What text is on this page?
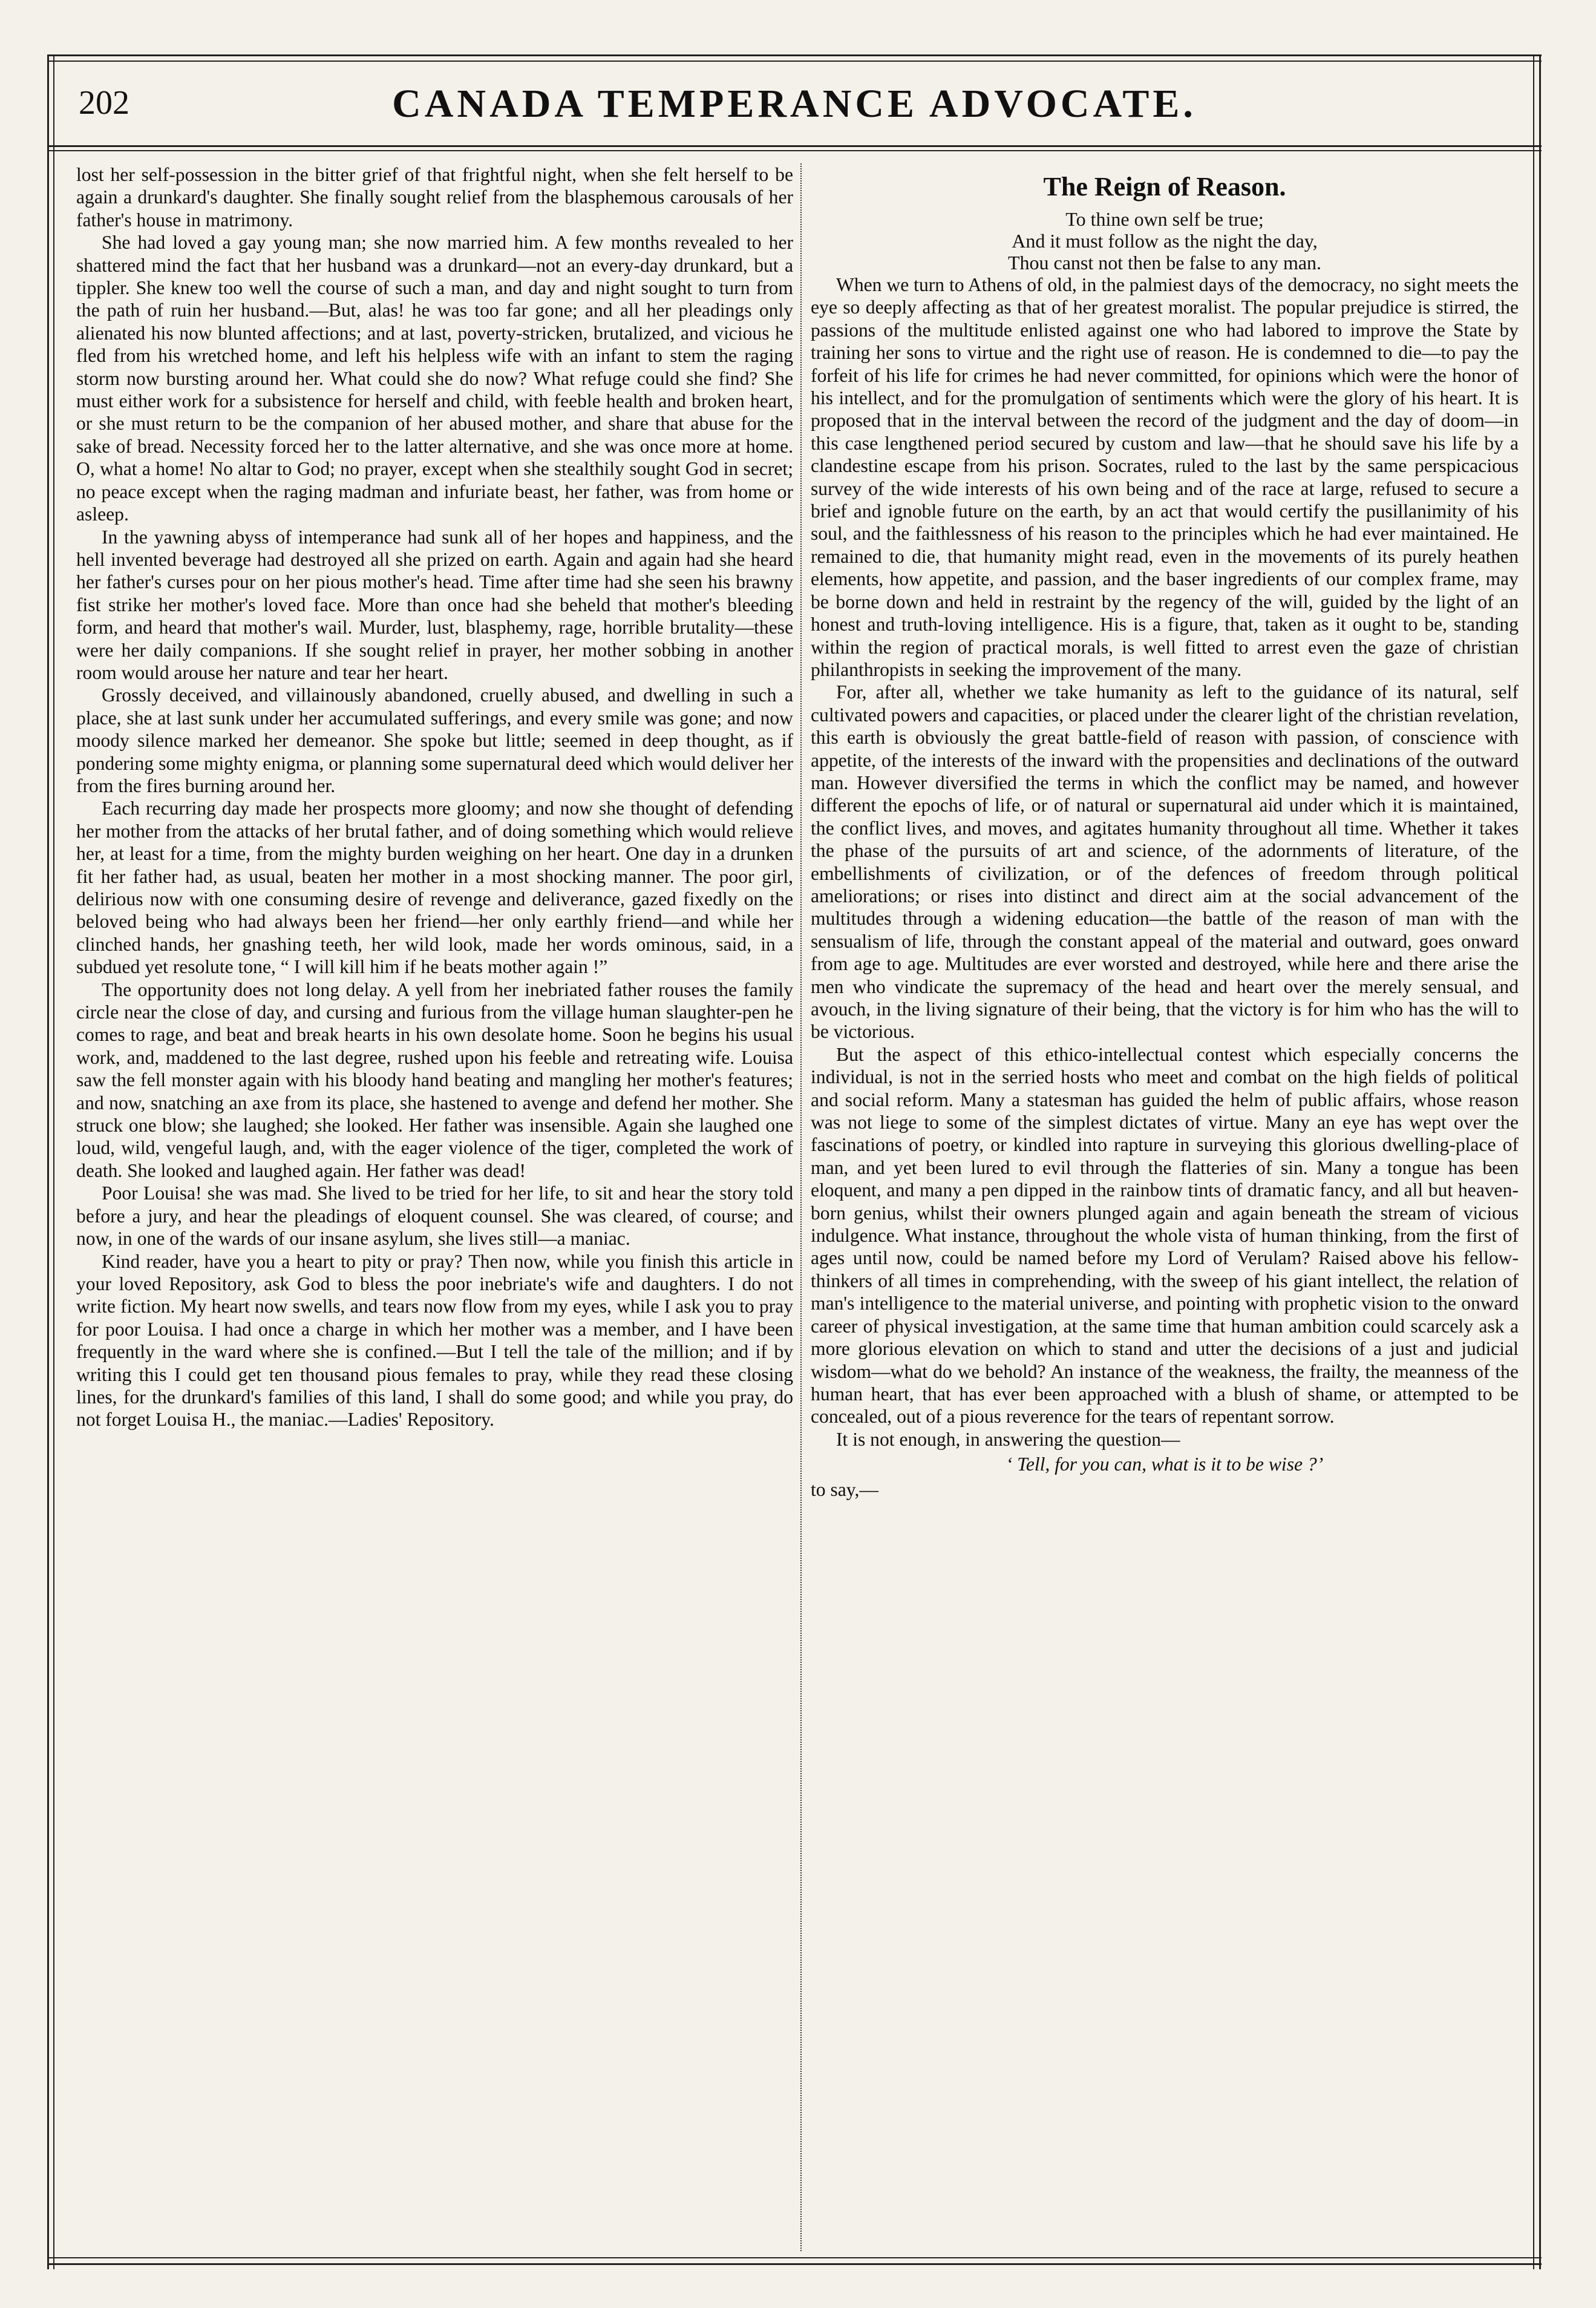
202	CANADA TEMPERANCE ADVOCATE.

lost her self-possession in the bitter grief of that frightful night, when she felt herself to be again a drunkard's daughter. She finally sought relief from the blasphemous carousals of her father's house in matrimony.

She had loved a gay young man; she now married him. A few months revealed to her shattered mind the fact that her husband was a drunkard—not an every-day drunkard, but a tippler. She knew too well the course of such a man, and day and night sought to turn from the path of ruin her husband.—But, alas! he was too far gone; and all her pleadings only alienated his now blunted affections; and at last, poverty-stricken, brutalized, and vicious he fled from his wretched home, and left his helpless wife with an infant to stem the raging storm now bursting around her. What could she do now? What refuge could she find? She must either work for a subsistence for herself and child, with feeble health and broken heart, or she must return to be the companion of her abused mother, and share that abuse for the sake of bread. Necessity forced her to the latter alternative, and she was once more at home. O, what a home! No altar to God; no prayer, except when she stealthily sought God in secret; no peace except when the raging madman and infuriate beast, her father, was from home or asleep.

In the yawning abyss of intemperance had sunk all of her hopes and happiness, and the hell invented beverage had destroyed all she prized on earth. Again and again had she heard her father's curses pour on her pious mother's head. Time after time had she seen his brawny fist strike her mother's loved face. More than once had she beheld that mother's bleeding form, and heard that mother's wail. Murder, lust, blasphemy, rage, horrible brutality—these were her daily companions. If she sought relief in prayer, her mother sobbing in another room would arouse her nature and tear her heart.

Grossly deceived, and villainously abandoned, cruelly abused, and dwelling in such a place, she at last sunk under her accumulated sufferings, and every smile was gone; and now moody silence marked her demeanor. She spoke but little; seemed in deep thought, as if pondering some mighty enigma, or planning some supernatural deed which would deliver her from the fires burning around her.

Each recurring day made her prospects more gloomy; and now she thought of defending her mother from the attacks of her brutal father, and of doing something which would relieve her, at least for a time, from the mighty burden weighing on her heart. One day in a drunken fit her father had, as usual, beaten her mother in a most shocking manner. The poor girl, delirious now with one consuming desire of revenge and deliverance, gazed fixedly on the beloved being who had always been her friend—her only earthly friend—and while her clinched hands, her gnashing teeth, her wild look, made her words ominous, said, in a subdued yet resolute tone, “ I will kill him if he beats mother again !”

The opportunity does not long delay. A yell from her inebriated father rouses the family circle near the close of day, and cursing and furious from the village human slaughter-pen he comes to rage, and beat and break hearts in his own desolate home. Soon he begins his usual work, and, maddened to the last degree, rushed upon his feeble and retreating wife. Louisa saw the fell monster again with his bloody hand beating and mangling her mother's features; and now, snatching an axe from its place, she hastened to avenge and defend her mother. She struck one blow; she laughed; she looked. Her father was insensible. Again she laughed one loud, wild, vengeful laugh, and, with the eager violence of the tiger, completed the work of death. She looked and laughed again. Her father was dead!

Poor Louisa! she was mad. She lived to be tried for her life, to sit and hear the story told before a jury, and hear the pleadings of eloquent counsel. She was cleared, of course; and now, in one of the wards of our insane asylum, she lives still—a maniac.

Kind reader, have you a heart to pity or pray? Then now, while you finish this article in your loved Repository, ask God to bless the poor inebriate's wife and daughters. I do not write fiction. My heart now swells, and tears now flow from my eyes, while I ask you to pray for poor Louisa. I had once a charge in which her mother was a member, and I have been frequently in the ward where she is confined.—But I tell the tale of the million; and if by writing this I could get ten thousand pious females to pray, while they read these closing lines, for the drunkard's families of this land, I shall do some good; and while you pray, do not forget Louisa H., the maniac.—Ladies' Repository.

The Reign of Reason.
To thine own self be true;
And it must follow as the night the day,
Thou canst not then be false to any man.

When we turn to Athens of old, in the palmiest days of the democracy, no sight meets the eye so deeply affecting as that of her greatest moralist. The popular prejudice is stirred, the passions of the multitude enlisted against one who had labored to improve the State by training her sons to virtue and the right use of reason. He is condemned to die—to pay the forfeit of his life for crimes he had never committed, for opinions which were the honor of his intellect, and for the promulgation of sentiments which were the glory of his heart. It is proposed that in the interval between the record of the judgment and the day of doom—in this case lengthened period secured by custom and law—that he should save his life by a clandestine escape from his prison. Socrates, ruled to the last by the same perspicacious survey of the wide interests of his own being and of the race at large, refused to secure a brief and ignoble future on the earth, by an act that would certify the pusillanimity of his soul, and the faithlessness of his reason to the principles which he had ever maintained. He remained to die, that humanity might read, even in the movements of its purely heathen elements, how appetite, and passion, and the baser ingredients of our complex frame, may be borne down and held in restraint by the regency of the will, guided by the light of an honest and truth-loving intelligence. His is a figure, that, taken as it ought to be, standing within the region of practical morals, is well fitted to arrest even the gaze of christian philanthropists in seeking the improvement of the many.

For, after all, whether we take humanity as left to the guidance of its natural, self cultivated powers and capacities, or placed under the clearer light of the christian revelation, this earth is obviously the great battle-field of reason with passion, of conscience with appetite, of the interests of the inward with the propensities and declinations of the outward man. However diversified the terms in which the conflict may be named, and however different the epochs of life, or of natural or supernatural aid under which it is maintained, the conflict lives, and moves, and agitates humanity throughout all time. Whether it takes the phase of the pursuits of art and science, of the adornments of literature, of the embellishments of civilization, or of the defences of freedom through political ameliorations; or rises into distinct and direct aim at the social advancement of the multitudes through a widening education—the battle of the reason of man with the sensualism of life, through the constant appeal of the material and outward, goes onward from age to age. Multitudes are ever worsted and destroyed, while here and there arise the men who vindicate the supremacy of the head and heart over the merely sensual, and avouch, in the living signature of their being, that the victory is for him who has the will to be victorious.

But the aspect of this ethico-intellectual contest which especially concerns the individual, is not in the serried hosts who meet and combat on the high fields of political and social reform. Many a statesman has guided the helm of public affairs, whose reason was not liege to some of the simplest dictates of virtue. Many an eye has wept over the fascinations of poetry, or kindled into rapture in surveying this glorious dwelling-place of man, and yet been lured to evil through the flatteries of sin. Many a tongue has been eloquent, and many a pen dipped in the rainbow tints of dramatic fancy, and all but heaven-born genius, whilst their owners plunged again and again beneath the stream of vicious indulgence. What instance, throughout the whole vista of human thinking, from the first of ages until now, could be named before my Lord of Verulam? Raised above his fellow-thinkers of all times in comprehending, with the sweep of his giant intellect, the relation of man's intelligence to the material universe, and pointing with prophetic vision to the onward career of physical investigation, at the same time that human ambition could scarcely ask a more glorious elevation on which to stand and utter the decisions of a just and judicial wisdom—what do we behold? An instance of the weakness, the frailty, the meanness of the human heart, that has ever been approached with a blush of shame, or attempted to be concealed, out of a pious reverence for the tears of repentant sorrow.

It is not enough, in answering the question—

‘ Tell, for you can, what is it to be wise ?’

to say,—
